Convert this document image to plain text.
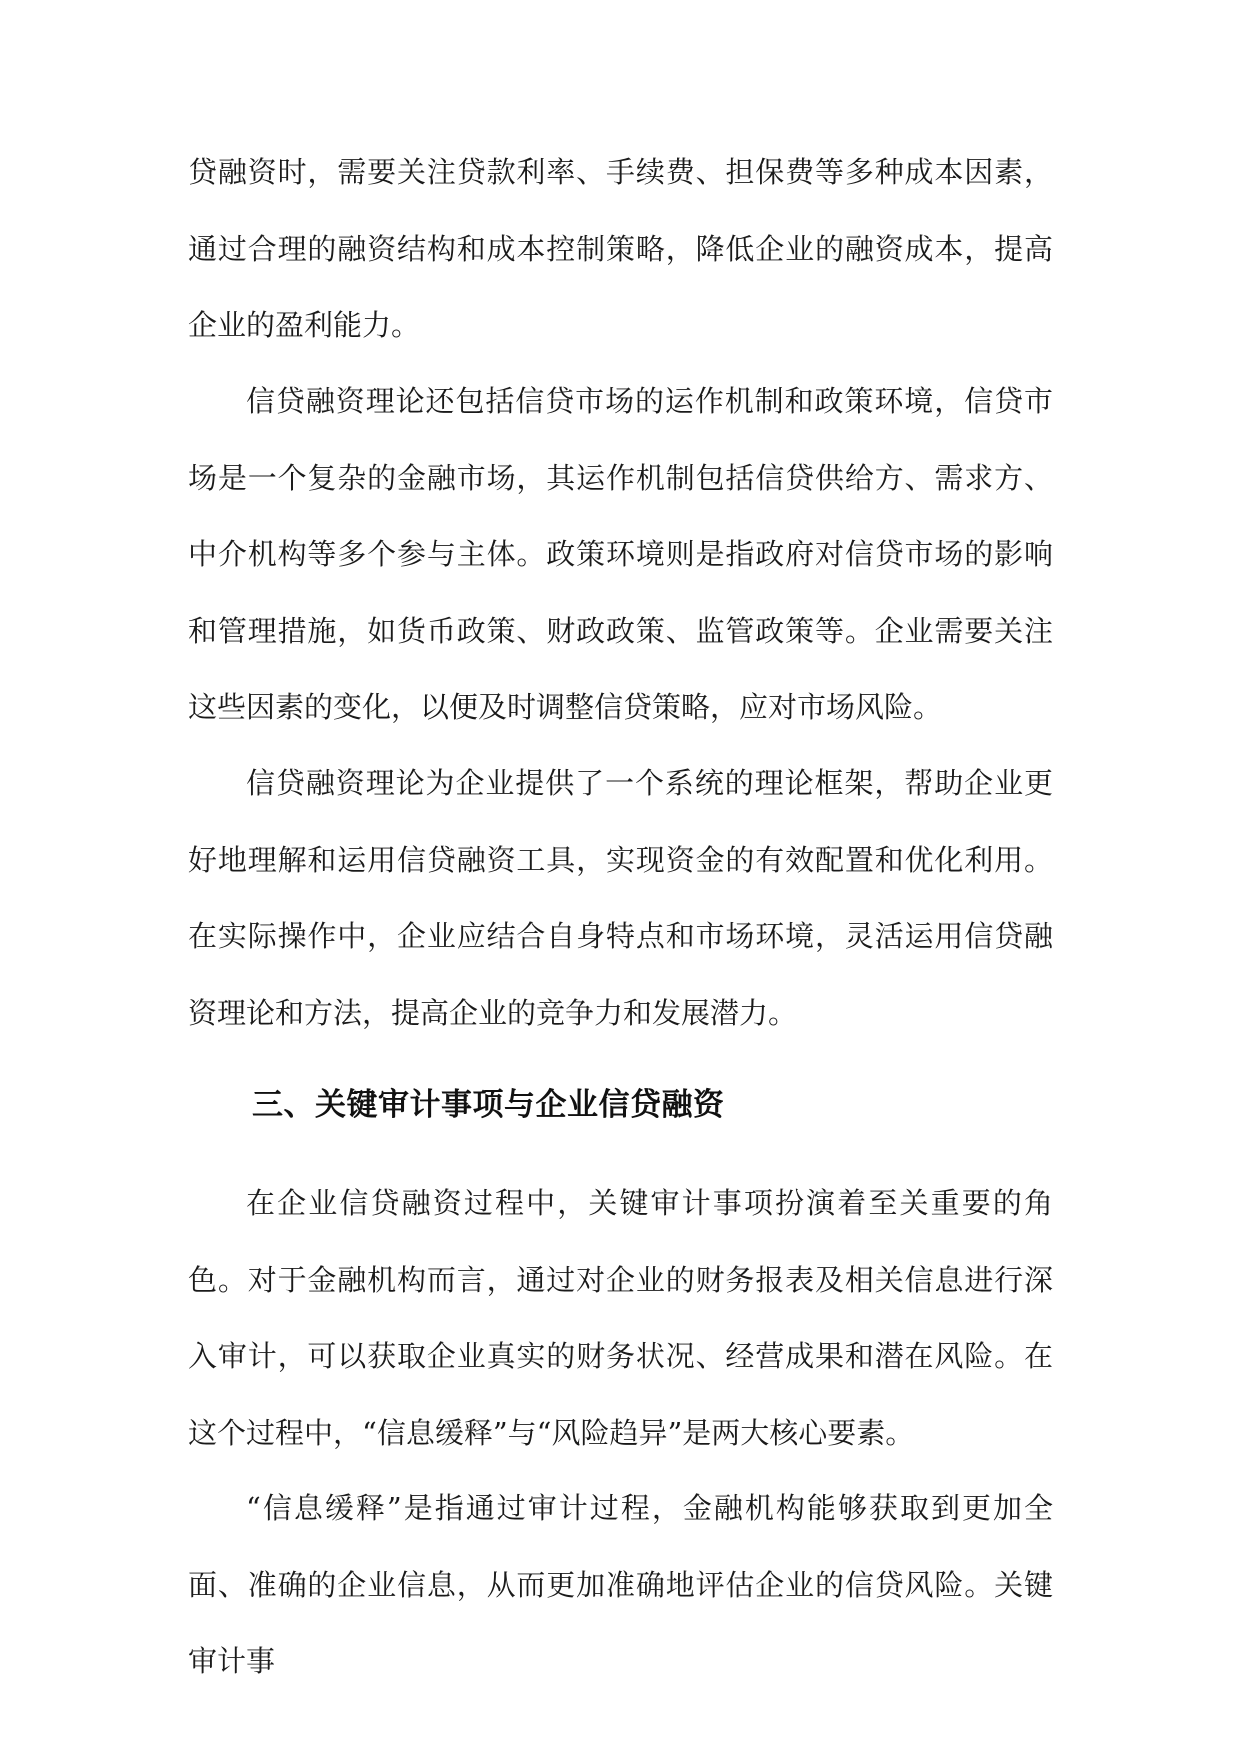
贷融资时，需要关注贷款利率、手续费、担保费等多种成本因素，通过合理的融资结构和成本控制策略，降低企业的融资成本，提高企业的盈利能力。

信贷融资理论还包括信贷市场的运作机制和政策环境，信贷市场是一个复杂的金融市场，其运作机制包括信贷供给方、需求方、中介机构等多个参与主体。政策环境则是指政府对信贷市场的影响和管理措施，如货币政策、财政政策、监管政策等。企业需要关注这些因素的变化，以便及时调整信贷策略，应对市场风险。

信贷融资理论为企业提供了一个系统的理论框架，帮助企业更好地理解和运用信贷融资工具，实现资金的有效配置和优化利用。在实际操作中，企业应结合自身特点和市场环境，灵活运用信贷融资理论和方法，提高企业的竞争力和发展潜力。

三、关键审计事项与企业信贷融资

在企业信贷融资过程中，关键审计事项扮演着至关重要的角色。对于金融机构而言，通过对企业的财务报表及相关信息进行深入审计，可以获取企业真实的财务状况、经营成果和潜在风险。在这个过程中，“信息缓释”与“风险趋异”是两大核心要素。

“信息缓释”是指通过审计过程，金融机构能够获取到更加全面、准确的企业信息，从而更加准确地评估企业的信贷风险。关键审计事
